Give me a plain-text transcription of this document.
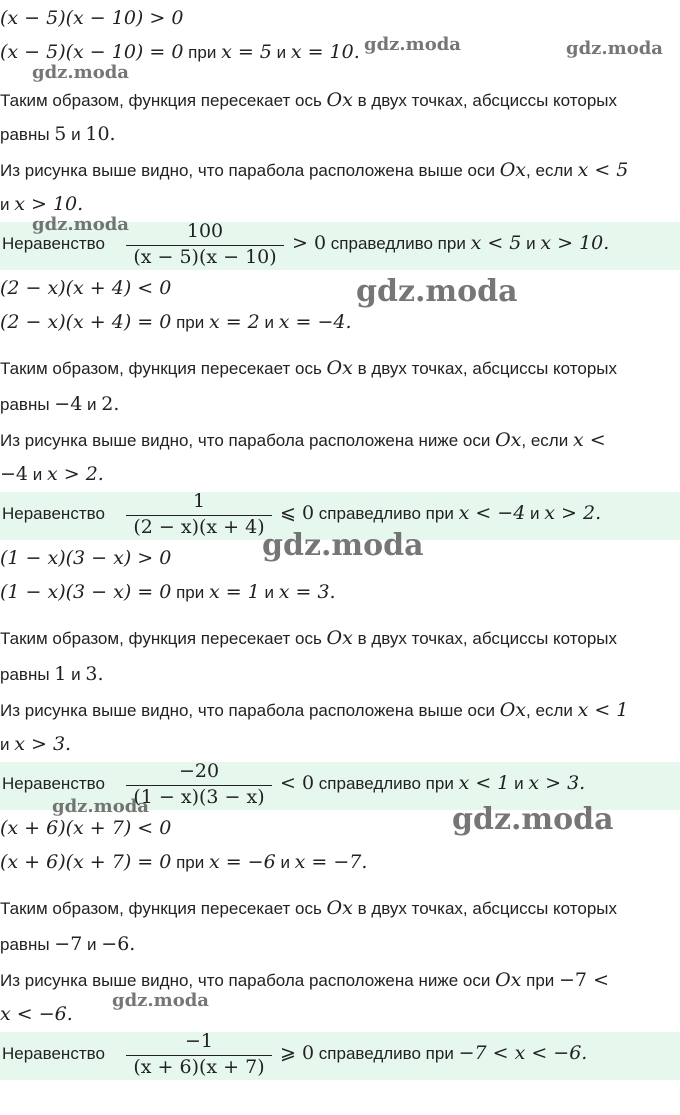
(x − 5)(x − 10) > 0
(x − 5)(x − 10) = 0 при x = 5 и x = 10.
Таким образом, функция пересекает ось Ox в двух точках, абсциссы которых
равны 5 и 10.
Из рисунка выше видно, что парабола расположена выше оси Ox, если x < 5
и x > 10.
Неравенство
100
(x − 5)(x − 10)
> 0 справедливо при x < 5 и x > 10.
(2 − x)(x + 4) < 0
(2 − x)(x + 4) = 0 при x = 2 и x = −4.
Таким образом, функция пересекает ось Ox в двух точках, абсциссы которых
равны −4 и 2.
Из рисунка выше видно, что парабола расположена ниже оси Ox, если x <
−4 и x > 2.
Неравенство
1
(2 − x)(x + 4)
⩽ 0 справедливо при x < −4 и x > 2.
(1 − x)(3 − x) > 0
(1 − x)(3 − x) = 0 при x = 1 и x = 3.
Таким образом, функция пересекает ось Ox в двух точках, абсциссы которых
равны 1 и 3.
Из рисунка выше видно, что парабола расположена выше оси Ox, если x < 1
и x > 3.
Неравенство
−20
(1 − x)(3 − x)
< 0 справедливо при x < 1 и x > 3.
(x + 6)(x + 7) < 0
(x + 6)(x + 7) = 0 при x = −6 и x = −7.
Таким образом, функция пересекает ось Ox в двух точках, абсциссы которых
равны −7 и −6.
Из рисунка выше видно, что парабола расположена ниже оси Ox при −7 <
x < −6.
Неравенство
−1
(x + 6)(x + 7)
⩾ 0 справедливо при −7 < x < −6.
gdz.moda	gdz.moda
gdz.moda
gdz.moda
gdz.moda
gdz.moda
gdz.moda	gdz.moda
gdz.moda
